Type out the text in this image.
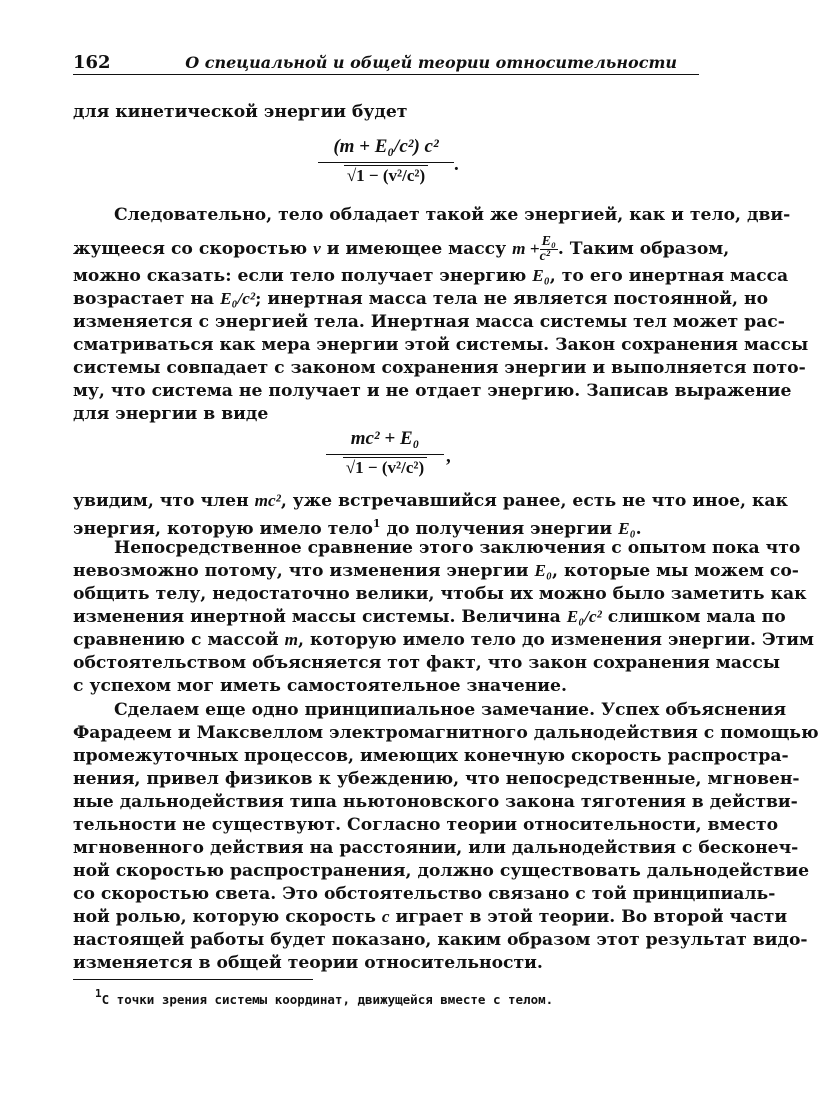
162	О специальной и общей теории относительности
для кинетической энергии будет
(m + E₀/c²) c²
√1 − (v²/c²)
.
Следовательно, тело обладает такой же энергией, как и тело, дви-
жущееся со скоростью v и имеющее массу $m + \frac{\text{E₀}}{\text{c²}}$ . Таким образом,
можно сказать: если тело получает энергию E₀, то его инертная масса
возрастает на E₀/c²; инертная масса тела не является постоянной, но
изменяется с энергией тела. Инертная масса системы тел может рас-
сматриваться как мера энергии этой системы. Закон сохранения массы
системы совпадает с законом сохранения энергии и выполняется пото-
му, что система не получает и не отдает энергию. Записав выражение
для энергии в виде
mc² + E₀
√1 − (v²/c²)
,
увидим, что член mc², уже встречавшийся ранее, есть не что иное, как
энергия, которую имело тело$^1$ до получения энергии E₀.
Непосредственное сравнение этого заключения с опытом пока что
невозможно потому, что изменения энергии E₀, которые мы можем со-
общить телу, недостаточно велики, чтобы их можно было заметить как
изменения инертной массы системы. Величина E₀/c² слишком мала по
сравнению с массой m, которую имело тело до изменения энергии. Этим
обстоятельством объясняется тот факт, что закон сохранения массы
с успехом мог иметь самостоятельное значение.
Сделаем еще одно принципиальное замечание. Успех объяснения
Фарадеем и Максвеллом электромагнитного дальнодействия с помощью
промежуточных процессов, имеющих конечную скорость распростра-
нения, привел физиков к убеждению, что непосредственные, мгновен-
ные дальнодействия типа ньютоновского закона тяготения в действи-
тельности не существуют. Согласно теории относительности, вместо
мгновенного действия на расстоянии, или дальнодействия с бесконеч-
ной скоростью распространения, должно существовать дальнодействие
со скоростью света. Это обстоятельство связано с той принципиаль-
ной ролью, которую скорость c играет в этой теории. Во второй части
настоящей работы будет показано, каким образом этот результат видо-
изменяется в общей теории относительности.
1С точки зрения системы координат, движущейся вместе с телом.
